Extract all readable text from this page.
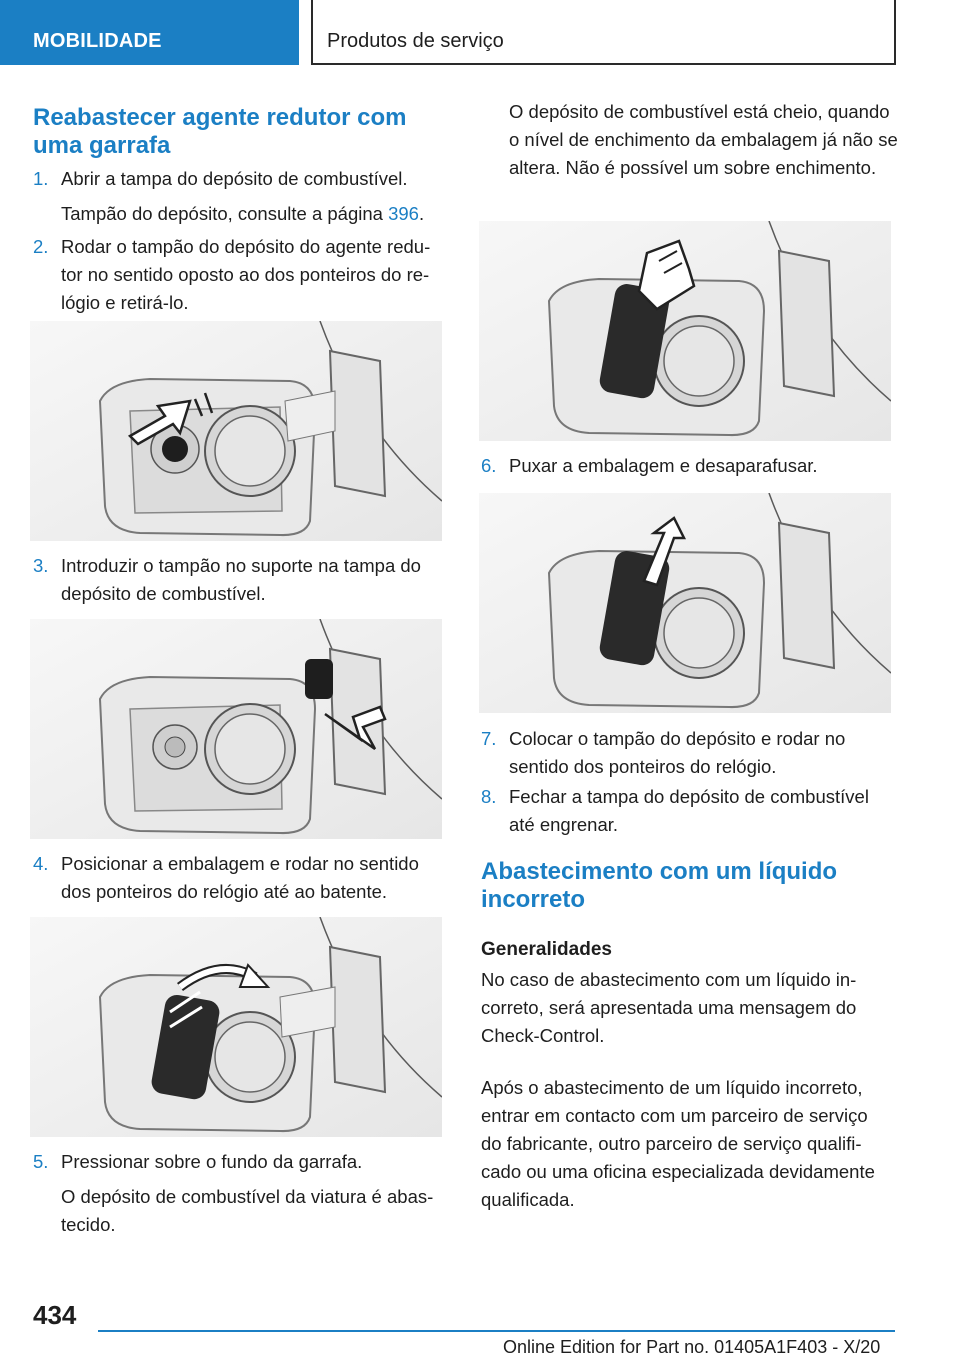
MOBILIDADE	Produtos de serviço
Reabastecer agente redutor com uma garrafa
1. Abrir a tampa do depósito de combustível.
Tampão do depósito, consulte a página 396.
2. Rodar o tampão do depósito do agente redutor no sentido oposto ao dos ponteiros do relógio e retirá-lo.
3. Introduzir o tampão no suporte na tampa do depósito de combustível.
4. Posicionar a embalagem e rodar no sentido dos ponteiros do relógio até ao batente.
5. Pressionar sobre o fundo da garrafa.
O depósito de combustível da viatura é abastecido.
O depósito de combustível está cheio, quando o nível de enchimento da embalagem já não se altera. Não é possível um sobre enchimento.
6. Puxar a embalagem e desaparafusar.
7. Colocar o tampão do depósito e rodar no sentido dos ponteiros do relógio.
8. Fechar a tampa do depósito de combustível até engrenar.
Abastecimento com um líquido incorreto
Generalidades
No caso de abastecimento com um líquido incorreto, será apresentada uma mensagem do Check-Control.
Após o abastecimento de um líquido incorreto, entrar em contacto com um parceiro de serviço do fabricante, outro parceiro de serviço qualificado ou uma oficina especializada devidamente qualificada.
434
Online Edition for Part no. 01405A1F403 - X/20
